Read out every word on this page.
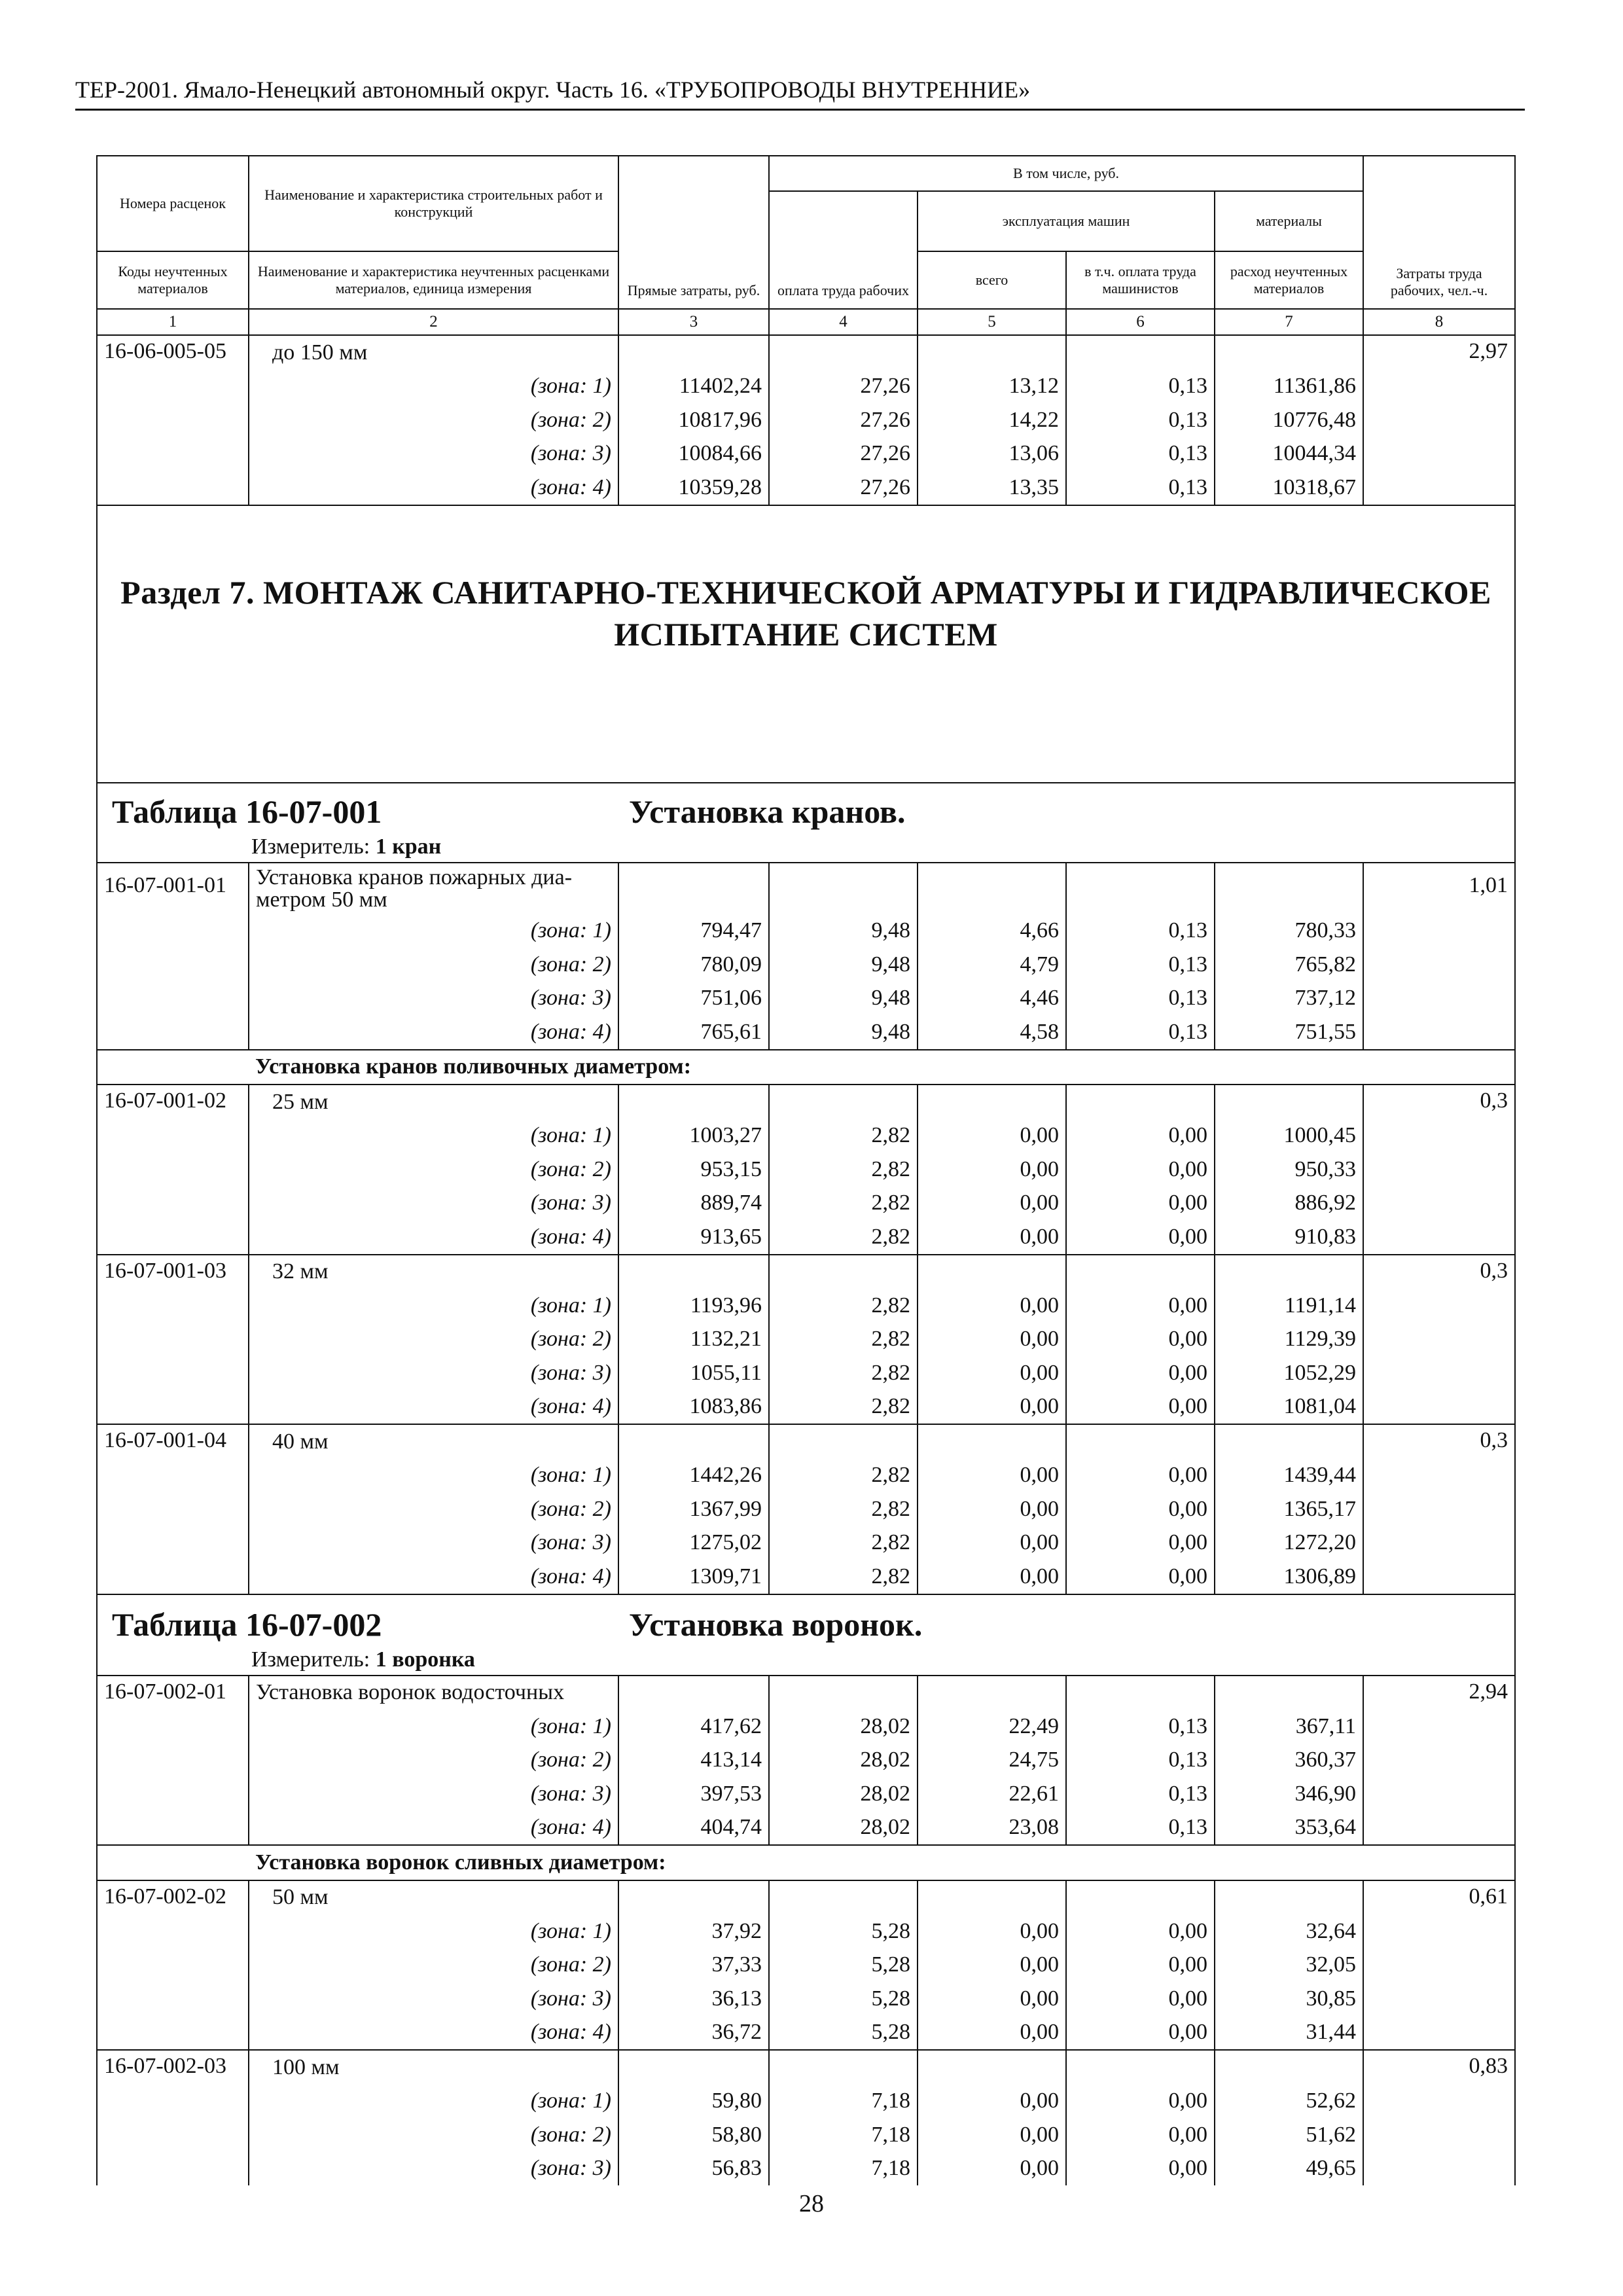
ТЕР-2001. Ямало-Ненецкий автономный округ. Часть 16. «ТРУБОПРОВОДЫ ВНУТРЕННИЕ»
Номера расценок	Наименование и характеристика строительных работ и конструкций	Прямые затраты, руб.	В том числе, руб.				Затраты труда рабочих, чел.-ч.
			оплата труда рабочих	эксплуатация машин		материалы	
Коды неучтенных материалов	Наименование и характеристика неучтенных расценками материалов, единица измерения			всего	в т.ч. оплата труда машинистов	расход неучтенных материалов	
1	2	3	4	5	6	7	8
16-06-005-05	до 150 мм						2,97
	(зона: 1)	11402,24	27,26	13,12	0,13	11361,86	
	(зона: 2)	10817,96	27,26	14,22	0,13	10776,48	
	(зона: 3)	10084,66	27,26	13,06	0,13	10044,34	
	(зона: 4)	10359,28	27,26	13,35	0,13	10318,67	

Раздел 7. МОНТАЖ САНИТАРНО-ТЕХНИЧЕСКОЙ АРМАТУРЫ И ГИДРАВЛИЧЕСКОЕ
ИСПЫТАНИЕ СИСТЕМ							

Таблица 16-07-001 Установка кранов.							
Измеритель: 1 кран							
16-07-001-01	Установка кранов пожарных диа-
метром 50 мм						1,01
	(зона: 1)	794,47	9,48	4,66	0,13	780,33	
	(зона: 2)	780,09	9,48	4,79	0,13	765,82	
	(зона: 3)	751,06	9,48	4,46	0,13	737,12	
	(зона: 4)	765,61	9,48	4,58	0,13	751,55	
	Установка кранов поливочных диаметром:						
16-07-001-02	25 мм						0,3
	(зона: 1)	1003,27	2,82	0,00	0,00	1000,45	
	(зона: 2)	953,15	2,82	0,00	0,00	950,33	
	(зона: 3)	889,74	2,82	0,00	0,00	886,92	
	(зона: 4)	913,65	2,82	0,00	0,00	910,83	
16-07-001-03	32 мм						0,3
	(зона: 1)	1193,96	2,82	0,00	0,00	1191,14	
	(зона: 2)	1132,21	2,82	0,00	0,00	1129,39	
	(зона: 3)	1055,11	2,82	0,00	0,00	1052,29	
	(зона: 4)	1083,86	2,82	0,00	0,00	1081,04	
16-07-001-04	40 мм						0,3
	(зона: 1)	1442,26	2,82	0,00	0,00	1439,44	
	(зона: 2)	1367,99	2,82	0,00	0,00	1365,17	
	(зона: 3)	1275,02	2,82	0,00	0,00	1272,20	
	(зона: 4)	1309,71	2,82	0,00	0,00	1306,89	
Таблица 16-07-002 Установка воронок.							
Измеритель: 1 воронка							
16-07-002-01	Установка воронок водосточных						2,94
	(зона: 1)	417,62	28,02	22,49	0,13	367,11	
	(зона: 2)	413,14	28,02	24,75	0,13	360,37	
	(зона: 3)	397,53	28,02	22,61	0,13	346,90	
	(зона: 4)	404,74	28,02	23,08	0,13	353,64	
	Установка воронок сливных диаметром:						
16-07-002-02	50 мм						0,61
	(зона: 1)	37,92	5,28	0,00	0,00	32,64	
	(зона: 2)	37,33	5,28	0,00	0,00	32,05	
	(зона: 3)	36,13	5,28	0,00	0,00	30,85	
	(зона: 4)	36,72	5,28	0,00	0,00	31,44	
16-07-002-03	100 мм						0,83
	(зона: 1)	59,80	7,18	0,00	0,00	52,62	
	(зона: 2)	58,80	7,18	0,00	0,00	51,62	
	(зона: 3)	56,83	7,18	0,00	0,00	49,65	
28
